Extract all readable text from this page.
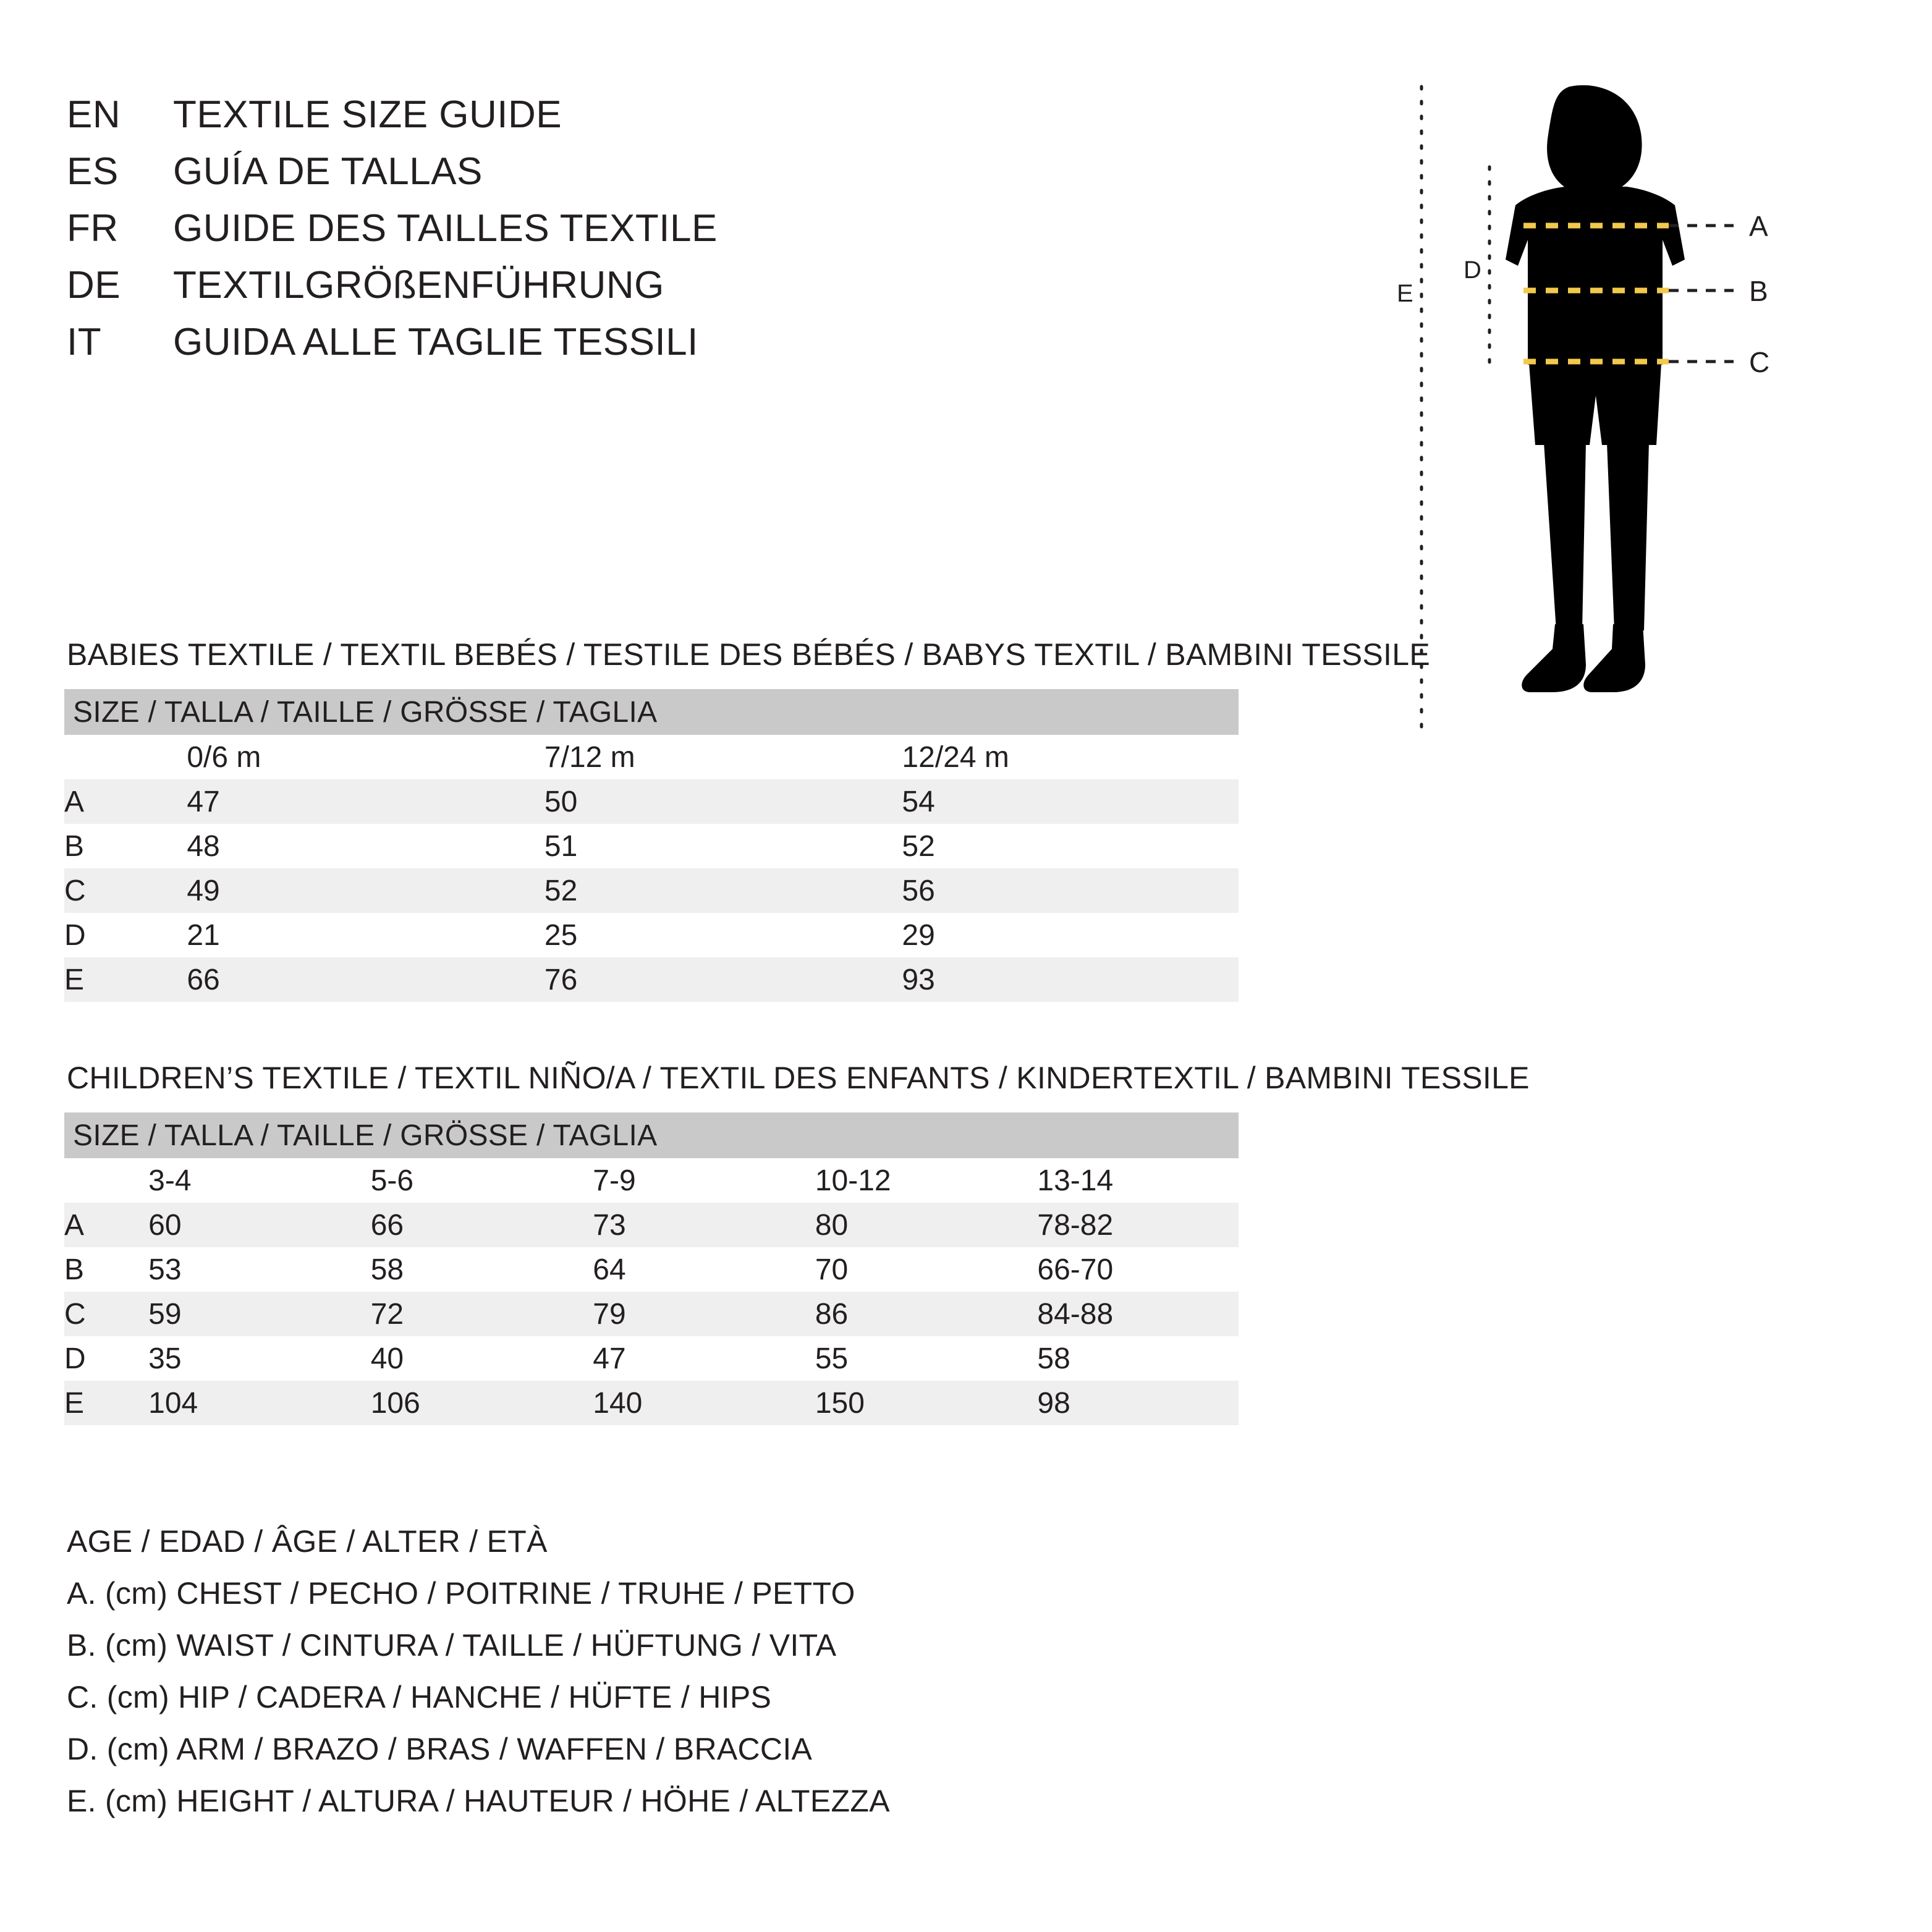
EN	TEXTILE SIZE GUIDE
ES	GUÍA DE TALLAS
FR	GUIDE DES TAILLES TEXTILE
DE	TEXTILGRÖßENFÜHRUNG
IT	GUIDA ALLE TAGLIE TESSILI
A
B
C
D
E
BABIES TEXTILE / TEXTIL BEBÉS / TESTILE DES BÉBÉS / BABYS TEXTIL / BAMBINI TESSILE
SIZE / TALLA / TAILLE / GRÖSSE / TAGLIA			

	0/6 m	7/12 m	12/24 m

A	47	50	54

B	48	51	52

C	49	52	56

D	21	25	29

E	66	76	93
CHILDREN’S TEXTILE / TEXTIL NIÑO/A / TEXTIL DES ENFANTS / KINDERTEXTIL / BAMBINI TESSILE
SIZE / TALLA / TAILLE / GRÖSSE / TAGLIA					

	3-4	5-6	7-9	10-12	13-14

A	60	66	73	80	78-82

B	53	58	64	70	66-70

C	59	72	79	86	84-88

D	35	40	47	55	58

E	104	106	140	150	98
AGE / EDAD / ÂGE / ALTER / ETÀ
A. (cm) CHEST / PECHO / POITRINE / TRUHE / PETTO
B. (cm) WAIST / CINTURA / TAILLE / HÜFTUNG / VITA
C. (cm) HIP / CADERA / HANCHE / HÜFTE / HIPS
D. (cm) ARM / BRAZO / BRAS / WAFFEN / BRACCIA
E. (cm) HEIGHT / ALTURA / HAUTEUR / HÖHE / ALTEZZA
